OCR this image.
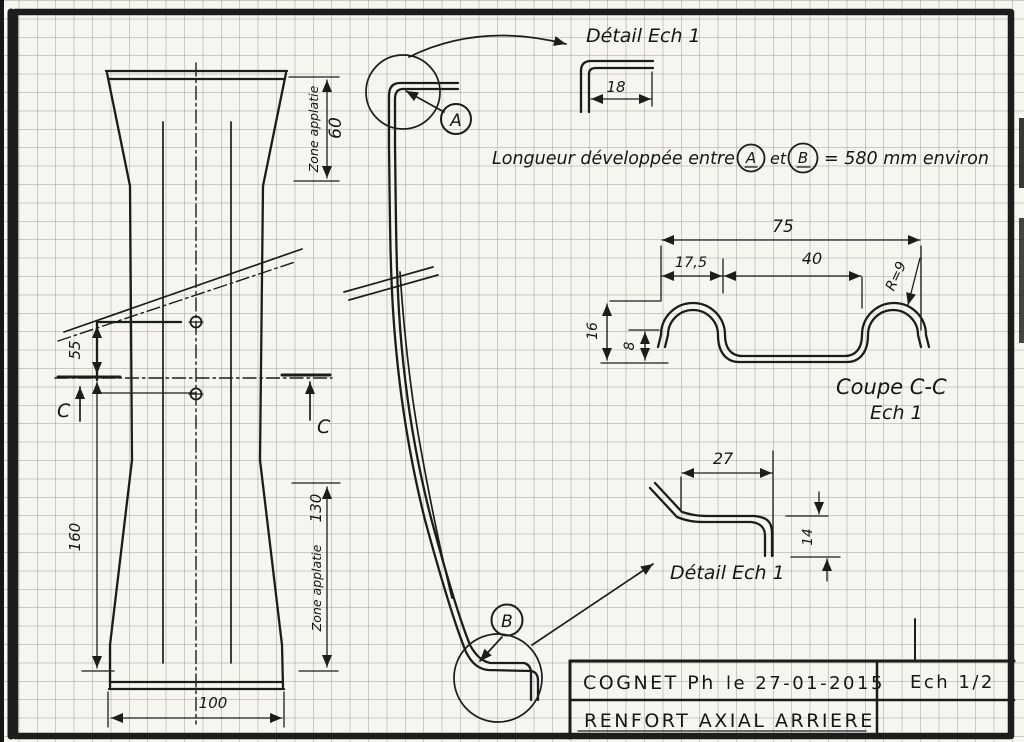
Zone applatie 60
55
160
130
Zone applatie
100
C
C
A
B
Détail Ech 1
18
Longueur développée entre A et B = 580 mm environ
75
17,5	40
R=9
16
8
Coupe C-C
Ech 1
27
14
Détail Ech 1
COGNET Ph le 27-01-2015 Ech 1/2
RENFORT AXIAL ARRIERE
